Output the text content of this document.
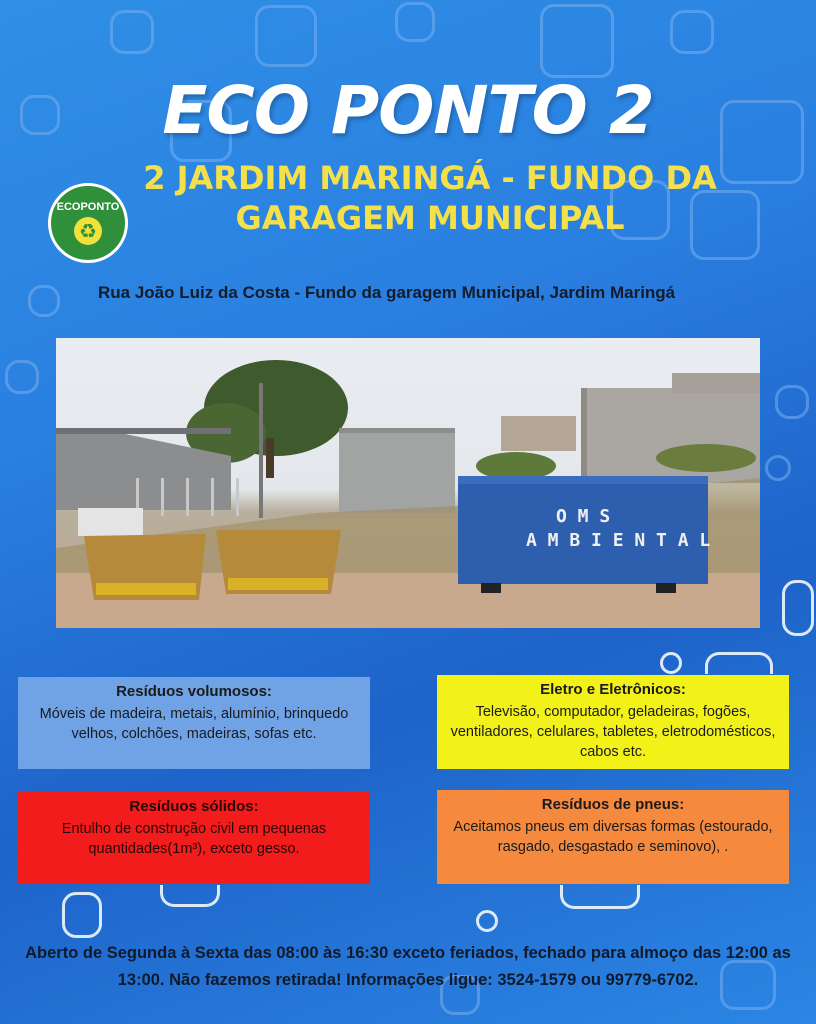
ECO PONTO 2
2 JARDIM MARINGÁ - FUNDO DA GARAGEM MUNICIPAL
ECOPONTO
♻
Rua João Luiz da Costa - Fundo da garagem Municipal, Jardim Maringá
O M S A M B I E N T A L
Resíduos volumosos:

Móveis de madeira, metais, alumínio, brinquedo velhos, colchões, madeiras, sofas etc.

Eletro e Eletrônicos:

Televisão, computador, geladeiras, fogões, ventiladores, celulares, tabletes, eletrodomésticos, cabos etc.

Resíduos sólidos:

Entulho de construção civil em pequenas quantidades(1m³), exceto gesso.

Resíduos de pneus:

Aceitamos pneus em diversas formas (estourado, rasgado, desgastado e seminovo), .

Aberto de Segunda à Sexta das 08:00 às 16:30 exceto feriados, fechado para almoço das 12:00 as 13:00. Não fazemos retirada! Informações ligue: 3524-1579 ou 99779-6702.
